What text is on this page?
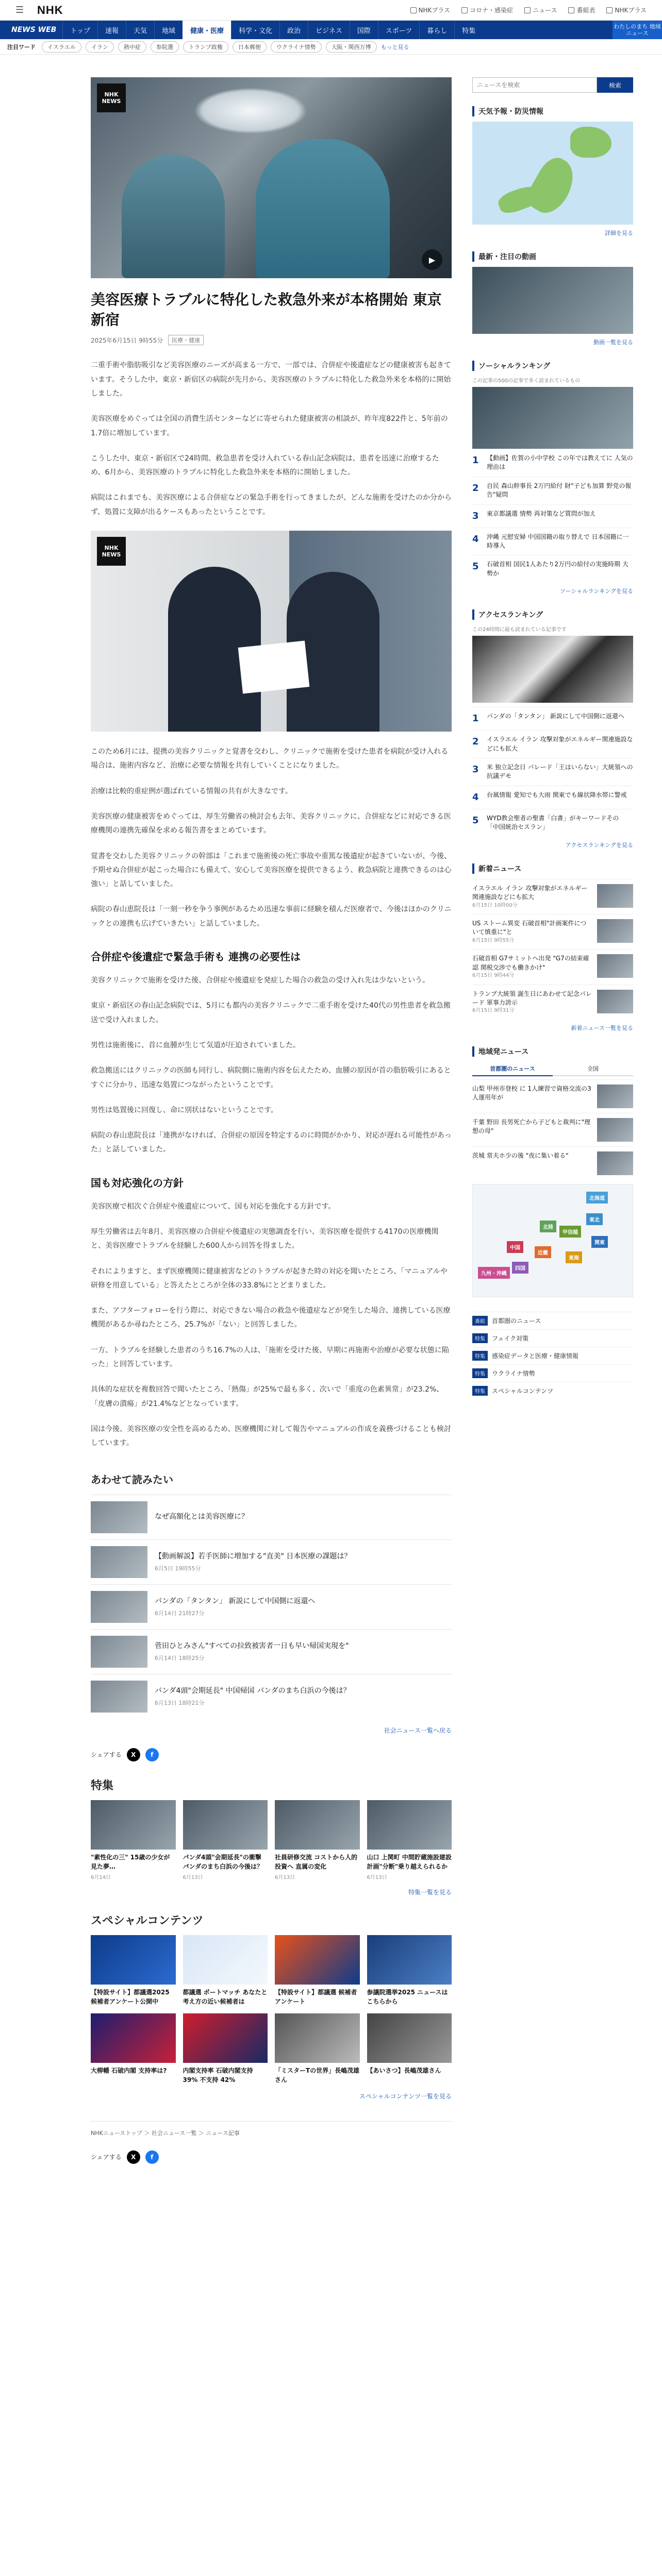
☰	NHK	NHKプラス	コロナ・感染症	ニュース	番組表	NHKプラス
NEWS WEB	トップ	速報	天気	地域	健康・医療	科学・文化	政治	ビジネス	国際	スポーツ	暮らし	特集
わたしのまち 地域ニュース
注目ワード	イスラエル	イラン	熱中症	参院選	トランプ政権	日本郵便	ウクライナ情勢	大阪・関西万博	もっと見る
NHK
NEWS
▶
美容医療トラブルに特化した救急外来が本格開始 東京 新宿
2025年6月15日 9時55分	医療・健康

二重手術や脂肪吸引など美容医療のニーズが高まる一方で、一部では、合併症や後遺症などの健康被害も起きています。そうした中、東京・新宿区の病院が先月から、美容医療のトラブルに特化した救急外来を本格的に開始しました。

美容医療をめぐっては全国の消費生活センターなどに寄せられた健康被害の相談が、昨年度822件と、5年前の1.7倍に増加しています。

こうした中、東京・新宿区で24時間、救急患者を受け入れている春山記念病院は、患者を迅速に治療するため、6月から、美容医療のトラブルに特化した救急外来を本格的に開始しました。

病院はこれまでも、美容医療による合併症などの緊急手術を行ってきましたが、どんな施術を受けたのか分からず、処置に支障が出るケースもあったということです。

NHK
NEWS

このため6月には、提携の美容クリニックと覚書を交わし、クリニックで施術を受けた患者を病院が受け入れる場合は、施術内容など、治療に必要な情報を共有していくことになりました。

治療は比較的重症例が選ばれている情報の共有が大きなです。

美容医療の健康被害をめぐっては、厚生労働省の検討会も去年、美容クリニックに、合併症などに対応できる医療機関の連携先確保を求める報告書をまとめています。

覚書を交わした美容クリニックの幹部は「これまで施術後の死亡事故や重篤な後遺症が起きていないが、今後、予期せぬ合併症が起こった場合にも備えて、安心して美容医療を提供できるよう、救急病院と連携できるのは心強い」と話していました。

病院の春山恵院長は「一刻一秒を争う事例があるため迅速な事前に経験を積んだ医療者で、今後はほかのクリニックとの連携も広げていきたい」と話していました。

合併症や後遺症で緊急手術も 連携の必要性は

美容クリニックで施術を受けた後、合併症や後遺症を発症した場合の救急の受け入れ先は少ないという。

東京・新宿区の春山記念病院では、5月にも都内の美容クリニックで二重手術を受けた40代の男性患者を救急搬送で受け入れました。

男性は施術後に、首に血腫が生じて気道が圧迫されていました。

救急搬送にはクリニックの医師も同行し、病院側に施術内容を伝えたため、血腫の原因が首の脂肪吸引にあるとすぐに分かり、迅速な処置につながったということです。

男性は処置後に回復し、命に別状はないということです。

病院の春山恵院長は「連携がなければ、合併症の原因を特定するのに時間がかかり、対応が遅れる可能性があった」と話していました。

国も対応強化の方針

美容医療で相次ぐ合併症や後遺症について、国も対応を強化する方針です。

厚生労働省は去年8月、美容医療の合併症や後遺症の実態調査を行い、美容医療を提供する4170の医療機関と、美容医療でトラブルを経験した600人から回答を得ました。

それによりますと、まず医療機関に健康被害などのトラブルが起きた時の対応を聞いたところ、「マニュアルや研修を用意している」と答えたところが全体の33.8%にとどまりました。

また、アフターフォローを行う際に、対応できない場合の救急や後遺症などが発生した場合、連携している医療機関があるか尋ねたところ、25.7%が「ない」と回答しました。

一方、トラブルを経験した患者のうち16.7%の人は、「施術を受けた後、早期に再施術や治療が必要な状態に陥った」と回答しています。

具体的な症状を複数回答で聞いたところ、「熱傷」が25%で最も多く、次いで「重度の色素異常」が23.2%、「皮膚の潰瘍」が21.4%などとなっています。

国は今後、美容医療の安全性を高めるため、医療機関に対して報告やマニュアルの作成を義務づけることも検討しています。

あわせて読みたい
なぜ高額化とは美容医療に？
【動画解説】若手医師に増加する"直美" 日本医療の課題は？
6月5日 19時55分
パンダの「タンタン」 新説にして中国側に返還へ
6月14日 21時27分
菅田ひとみさん"すべての拉致被害者一日も早い帰国実現を"
6月14日 18時25分
パンダ4頭"会期延長" 中国帰国 パンダのまち白浜の今後は？
6月13日 18時21分
社会ニュース一覧へ戻る
シェアする	X	f
特集
"素性化の三" 15歳の少女が見た夢…
6月14日
パンダ4頭"会期延長"の衝撃 パンダのまち白浜の今後は？
6月13日
社員研修交流 コストから人的投資へ 直属の変化
6月13日
山口 上関町 中間貯蔵施設建設計画"分断"乗り越えられるか
6月13日
特集一覧を見る
スペシャルコンテンツ
【特設サイト】都議選2025 候補者アンケート公開中
都議選 ボートマッチ あなたと考え方の近い候補者は
【特設サイト】都議選 候補者アンケート
参議院選挙2025 ニュースはこちらから
大柳幡 石破内閣 支持率は?	内閣支持率 石破内閣支持 39% 不支持 42%
「ミスターTの世界」長嶋茂雄さん
【あいさつ】長嶋茂雄さん
スペシャルコンテンツ一覧を見る
NHKニューストップ ＞ 社会ニュース一覧 ＞ ニュース記事
シェアする	X	f
ニュースを検索
検索
天気予報・防災情報
詳細を見る
最新・注目の動画
動画一覧を見る
ソーシャルランキング
この記事の500の記事で多く読まれているもの
1	【動画】佐賀の小中学校 この年では教えてに 人気の理由は
2	自民 森山幹事長 2万円給付 財"子ども加算 野党の報告"疑問
3	東京都議選 情勢 再対策など質問が加え
4	沖縄 元慰安婦 中国国籍の取り替えで 日本国籍に一時導入
5	石破首相 国民1人あたり2万円の給付の実施時期 大勢か
ソーシャルランキングを見る
アクセスランキング
この24時間に最も読まれている記事です
1	パンダの「タンタン」 新説にして中国側に返還へ
2	イスラエル イラン 攻撃対象がエネルギー関連施設などにも拡大
3	米 独立記念日 パレード「王はいらない」大統領への抗議デモ
4	台風情報 愛知でも大雨 関東でも線状降水帯に警戒
5	WYD教会聖者の聖書「白書」がキーワードその 「中国統治セスラン」
アクセスランキングを見る
新着ニュース
イスラエル イラン 攻撃対象がエネルギー関連施設などにも拡大
6月15日 10時00分
US ストーム異変 石破首相"計画案件について慎重に"と
6月15日 9時55分
石破首相 G7サミットへ出発 "G7の結束確認 関税交渉でも働きかけ"
6月15日 9時44分
トランプ大統領 誕生日にあわせて記念パレード 軍事力誇示
6月15日 9時31分
新着ニュース一覧を見る
地域発ニュース
首都圏のニュース	全国
山梨 甲州市登校 に 1人練習で資格交流の3人運用年が
千葉 野田 長男死亡から子どもと裁判に"理想の母"
茨城 常夫ホ少の後 "夜に集い着る"
北海道
東北
関東
甲信越
東海
北陸
近畿
中国
四国
九州・沖縄
番組	首都圏のニュース
特集	フェイク対策
特集	感染症データと医療・健康情報
特集	ウクライナ情勢
特集	スペシャルコンテンツ
